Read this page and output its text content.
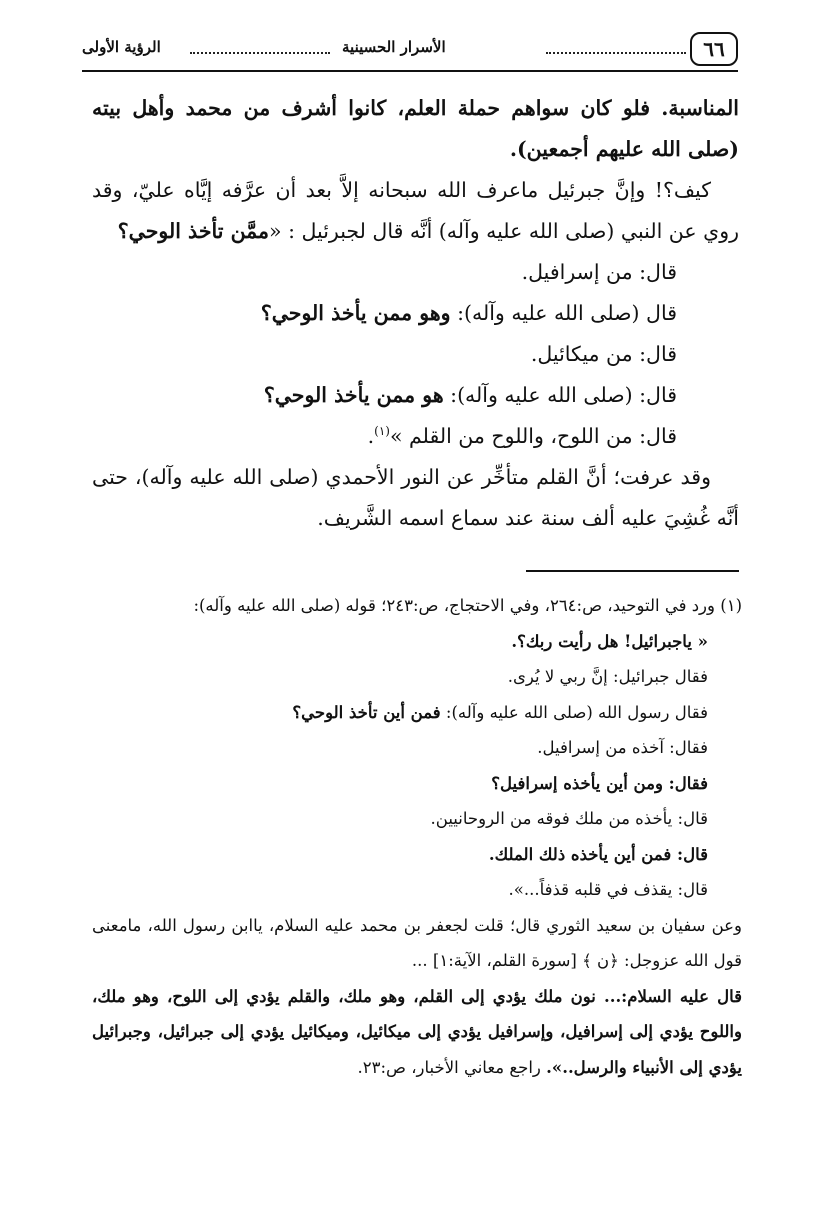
٦٦
الأسرار الحسينية
الرؤية الأولى

المناسبة. فلو كان سواهم حملة العلم، كانوا أشرف من محمد وأهل بيته (صلى الله عليهم أجمعين).

كيف؟! وإنَّ جبرئيل ماعرف الله سبحانه إلاَّ بعد أن عرَّفه إيَّاه عليّ، وقد روي عن النبي (صلى الله عليه وآله) أنَّه قال لجبرئيل : «ممَّن تأخذ الوحي؟

قال: من إسرافيل.

قال (صلى الله عليه وآله): وهو ممن يأخذ الوحي؟

قال: من ميكائيل.

قال: (صلى الله عليه وآله): هو ممن يأخذ الوحي؟

قال: من اللوح، واللوح من القلم »$^{(١)}$.

وقد عرفت؛ أنَّ القلم متأخِّر عن النور الأحمدي (صلى الله عليه وآله)، حتى أنَّه غُشِيَ عليه ألف سنة عند سماع اسمه الشَّريف.

(١) ورد في التوحيد، ص:٢٦٤، وفي الاحتجاج، ص:٢٤٣؛ قوله (صلى الله عليه وآله):

« ياجبرائيل! هل رأيت ربك؟.

فقال جبرائيل: إنَّ ربي لا يُرى.

فقال رسول الله (صلى الله عليه وآله): فمن أين تأخذ الوحي؟

فقال: آخذه من إسرافيل.

فقال: ومن أين يأخذه إسرافيل؟

قال: يأخذه من ملك فوقه من الروحانيين.

قال: فمن أين يأخذه ذلك الملك.

قال: يقذف في قلبه قذفاً...».

وعن سفيان بن سعيد الثوري قال؛ قلت لجعفر بن محمد عليه السلام، ياابن رسول الله، مامعنى قول الله عزوجل: ﴿ن ﴾ [سورة القلم، الآية:١] ...

قال عليه السلام:... نون ملك يؤدي إلى القلم، وهو ملك، والقلم يؤدي إلى اللوح، وهو ملك، واللوح يؤدي إلى إسرافيل، وإسرافيل يؤدي إلى ميكائيل، وميكائيل يؤدي إلى جبرائيل، وجبرائيل يؤدي إلى الأنبياء والرسل..». راجع معاني الأخبار، ص:٢٣.
